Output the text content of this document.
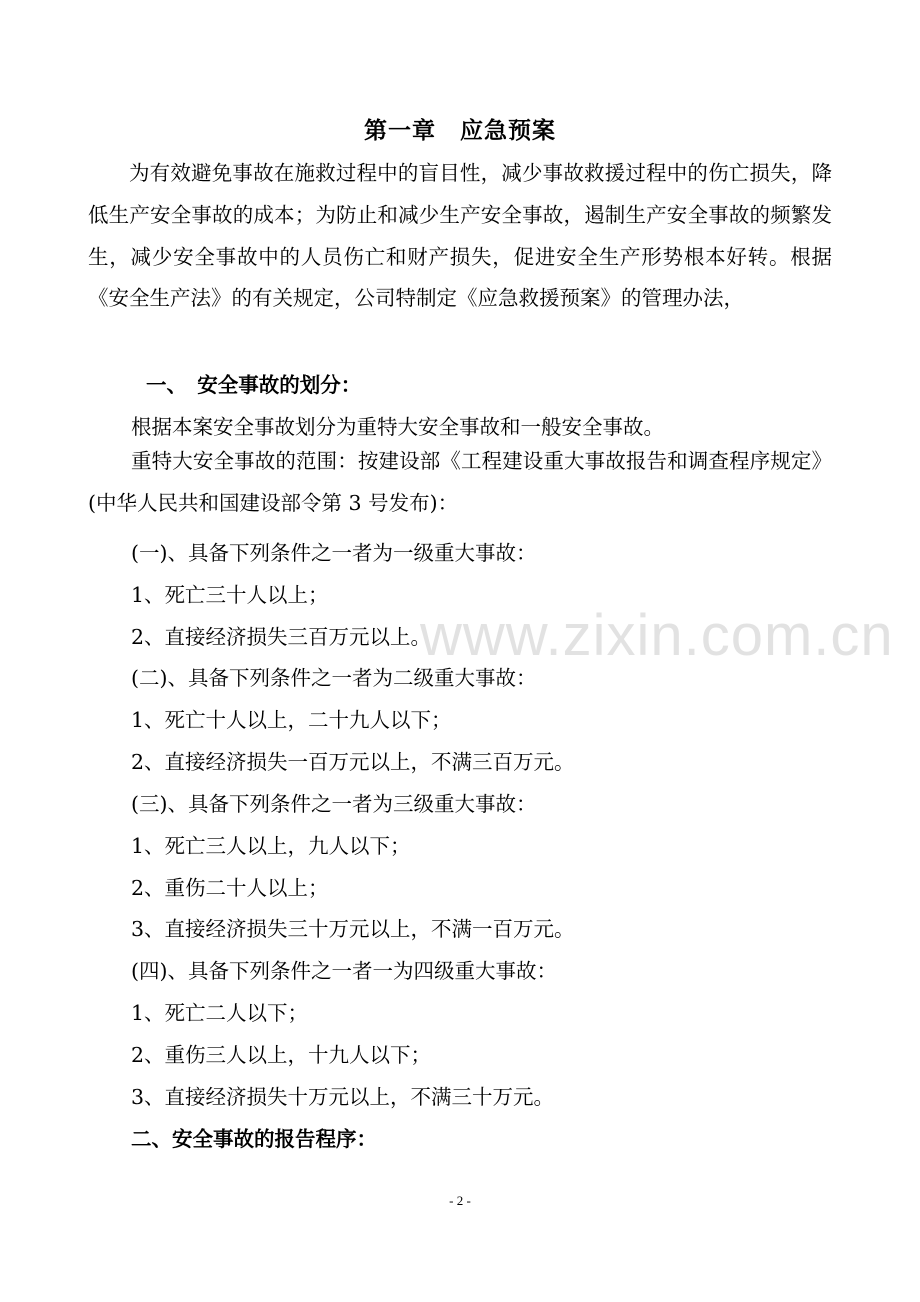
第一章　应急预案

为有效避免事故在施救过程中的盲目性，减少事故救援过程中的伤亡损失，降低生产安全事故的成本；为防止和减少生产安全事故，遏制生产安全事故的频繁发生，减少安全事故中的人员伤亡和财产损失，促进安全生产形势根本好转。根据《安全生产法》的有关规定，公司特制定《应急救援预案》的管理办法，

一、　安全事故的划分：
根据本案安全事故划分为重特大安全事故和一般安全事故。

重特大安全事故的范围：按建设部《工程建设重大事故报告和调查程序规定》(中华人民共和国建设部令第 3 号发布)：

(一)、具备下列条件之一者为一级重大事故：
1、死亡三十人以上；
2、直接经济损失三百万元以上。
(二)、具备下列条件之一者为二级重大事故：
1、死亡十人以上，二十九人以下；
2、直接经济损失一百万元以上，不满三百万元。
(三)、具备下列条件之一者为三级重大事故：
1、死亡三人以上，九人以下；
2、重伤二十人以上；
3、直接经济损失三十万元以上，不满一百万元。
(四)、具备下列条件之一者一为四级重大事故：
1、死亡二人以下；
2、重伤三人以上，十九人以下；
3、直接经济损失十万元以上，不满三十万元。
二、安全事故的报告程序：
www.zixin.com.cn
- 2 -
